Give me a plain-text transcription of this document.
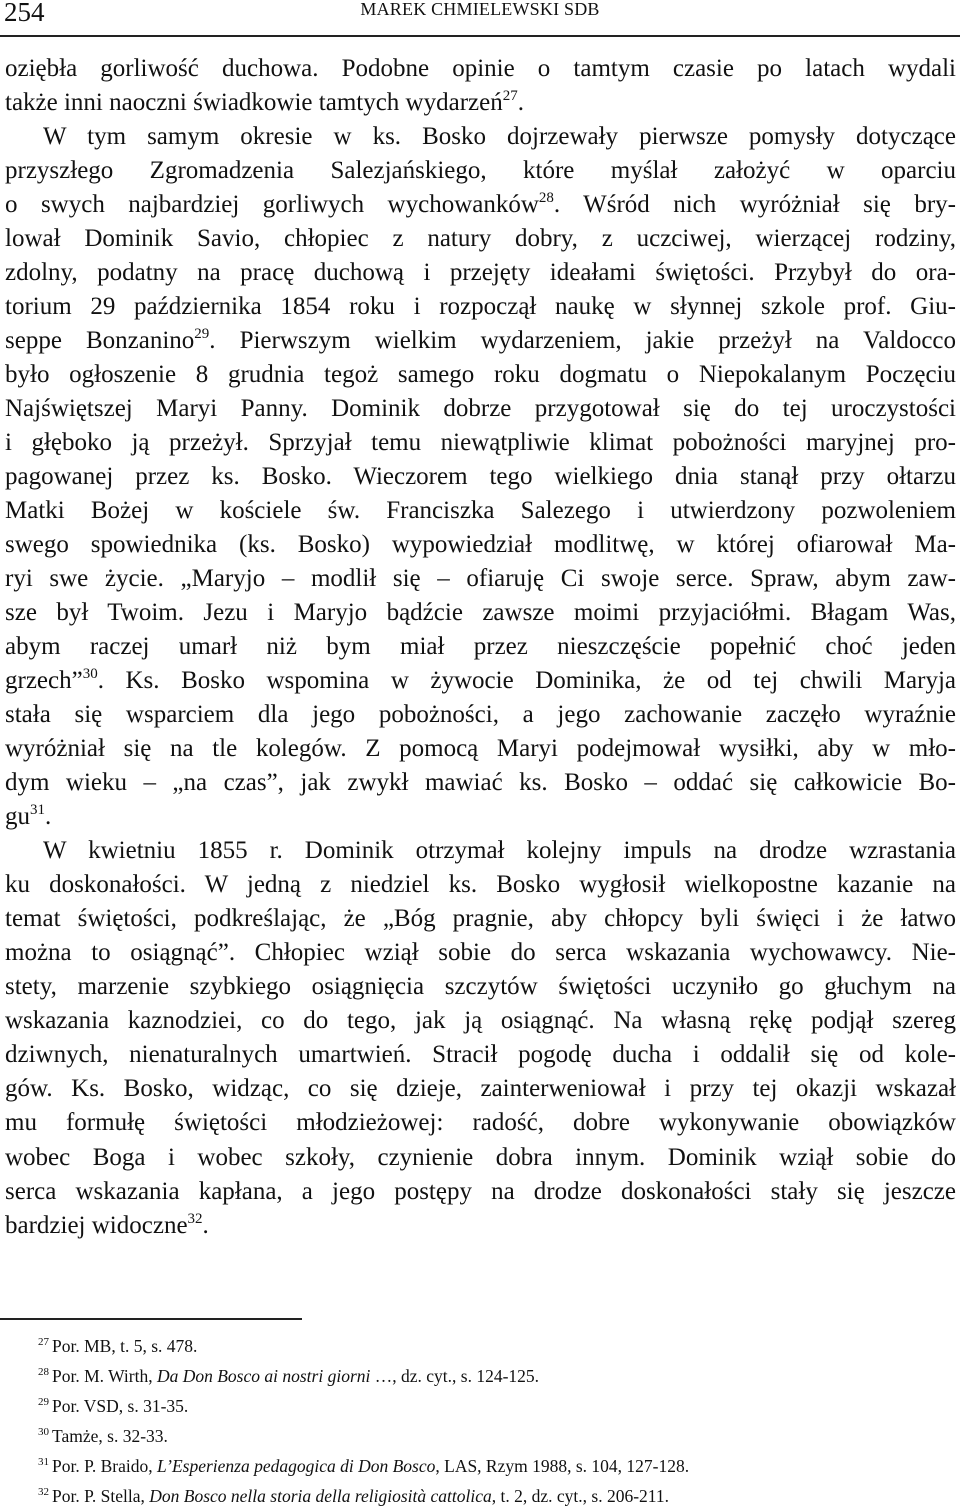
254	MAREK CHMIELEWSKI SDB
oziębła gorliwość duchowa. Podobne opinie o tamtym czasie po latach wydali
także inni naoczni świadkowie tamtych wydarzeń$^{27}$.
W tym samym okresie w ks. Bosko dojrzewały pierwsze pomysły dotyczące
przyszłego Zgromadzenia Salezjańskiego, które myślał założyć w oparciu
o swych najbardziej gorliwych wychowanków$^{28}$. Wśród nich wyróżniał się bry-
lował Dominik Savio, chłopiec z natury dobry, z uczciwej, wierzącej rodziny,
zdolny, podatny na pracę duchową i przejęty ideałami świętości. Przybył do ora-
torium 29 października 1854 roku i rozpoczął naukę w słynnej szkole prof. Giu-
seppe Bonzanino$^{29}$. Pierwszym wielkim wydarzeniem, jakie przeżył na Valdocco
było ogłoszenie 8 grudnia tegoż samego roku dogmatu o Niepokalanym Poczęciu
Najświętszej Maryi Panny. Dominik dobrze przygotował się do tej uroczystości
i głęboko ją przeżył. Sprzyjał temu niewątpliwie klimat pobożności maryjnej pro-
pagowanej przez ks. Bosko. Wieczorem tego wielkiego dnia stanął przy ołtarzu
Matki Bożej w kościele św. Franciszka Salezego i utwierdzony pozwoleniem
swego spowiednika (ks. Bosko) wypowiedział modlitwę, w której ofiarował Ma-
ryi swe życie. „Maryjo – modlił się – ofiaruję Ci swoje serce. Spraw, abym zaw-
sze był Twoim. Jezu i Maryjo bądźcie zawsze moimi przyjaciółmi. Błagam Was,
abym raczej umarł niż bym miał przez nieszczęście popełnić choć jeden
grzech”$^{30}$. Ks. Bosko wspomina w żywocie Dominika, że od tej chwili Maryja
stała się wsparciem dla jego pobożności, a jego zachowanie zaczęło wyraźnie
wyróżniał się na tle kolegów. Z pomocą Maryi podejmował wysiłki, aby w mło-
dym wieku – „na czas”, jak zwykł mawiać ks. Bosko – oddać się całkowicie Bo-
$gu^{31}$.
W kwietniu 1855 r. Dominik otrzymał kolejny impuls na drodze wzrastania
ku doskonałości. W jedną z niedziel ks. Bosko wygłosił wielkopostne kazanie na
temat świętości, podkreślając, że „Bóg pragnie, aby chłopcy byli święci i że łatwo
można to osiągnąć”. Chłopiec wziął sobie do serca wskazania wychowawcy. Nie-
stety, marzenie szybkiego osiągnięcia szczytów świętości uczyniło go głuchym na
wskazania kaznodziei, co do tego, jak ją osiągnąć. Na własną rękę podjął szereg
dziwnych, nienaturalnych umartwień. Stracił pogodę ducha i oddalił się od kole-
gów. Ks. Bosko, widząc, co się dzieje, zainterweniował i przy tej okazji wskazał
mu formułę świętości młodzieżowej: radość, dobre wykonywanie obowiązków
wobec Boga i wobec szkoły, czynienie dobra innym. Dominik wziął sobie do
serca wskazania kapłana, a jego postępy na drodze doskonałości stały się jeszcze
bardziej widoczne$^{32}$.
$^{27}$ Por. MB, t. 5, s. 478.
$^{28}$ Por. M. Wirth, Da Don Bosco ai nostri giorni …, dz. cyt., s. 124-125.
$^{29}$ Por. VSD, s. 31-35.
$^{30}$ Tamże, s. 32-33.
$^{31}$ Por. P. Braido, L’Esperienza pedagogica di Don Bosco, LAS, Rzym 1988, s. 104, 127-128.
$^{32}$ Por. P. Stella, Don Bosco nella storia della religiosità cattolica, t. 2, dz. cyt., s. 206-211.
